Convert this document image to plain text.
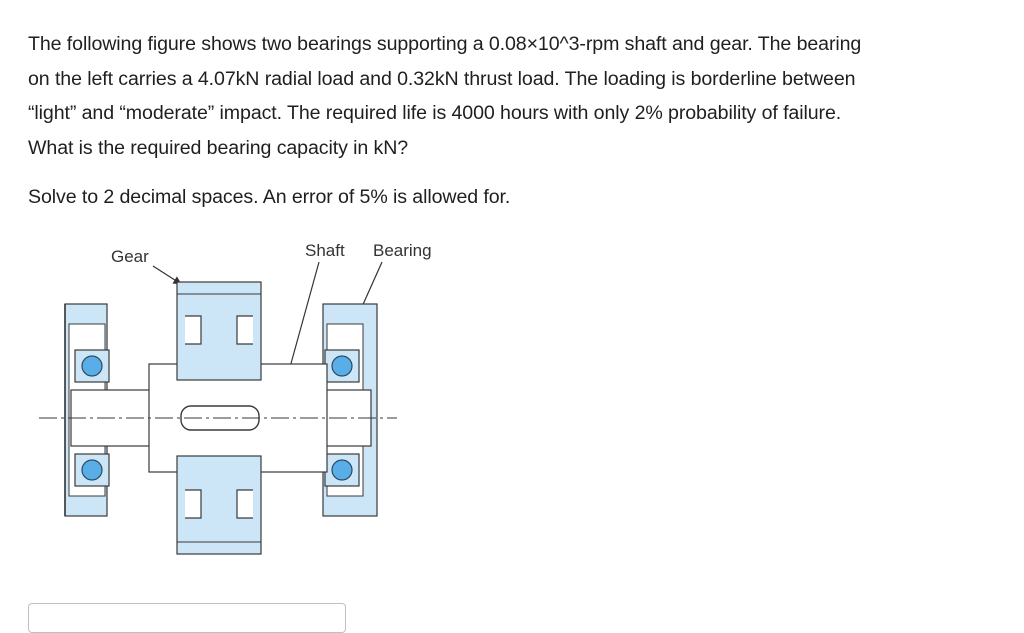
The following figure shows two bearings supporting a 0.08×10^3-rpm shaft and gear. The bearing

on the left carries a 4.07kN radial load and 0.32kN thrust load. The loading is borderline between

“light” and “moderate” impact. The required life is 4000 hours with only 2% probability of failure.

What is the required bearing capacity in kN?

Solve to 2 decimal spaces. An error of 5% is allowed for.
Gear	Shaft Bearing
